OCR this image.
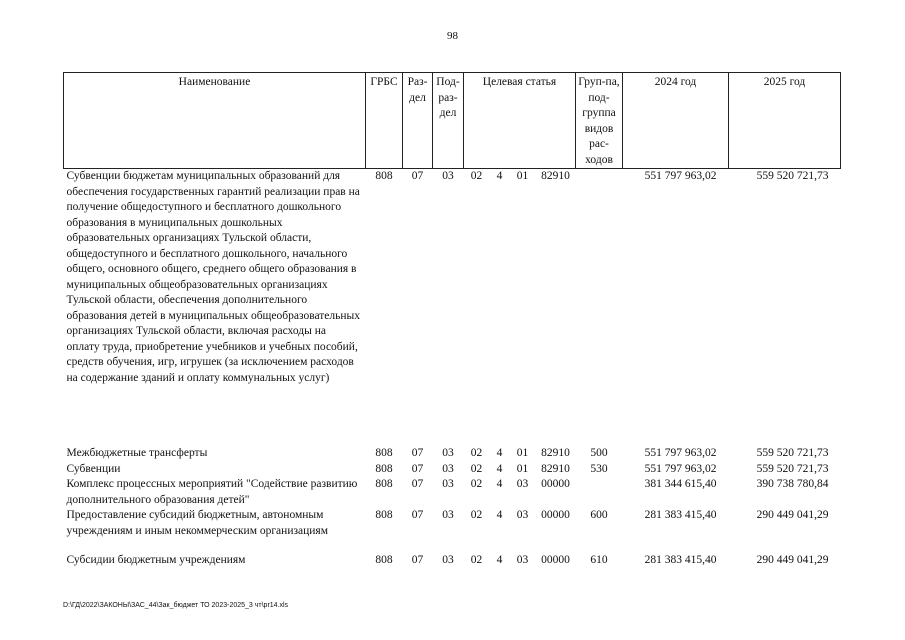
98
Наименование	ГРБС	Раз-дел	Под-раз-дел	Целевая статья				Груп-па, под-группа видов рас-ходов	2024 год	2025 год
Субвенции бюджетам муниципальных образований для обеспечения государственных гарантий реализации прав на получение общедоступного и бесплатного дошкольного образования в муниципальных дошкольных образовательных организациях Тульской области, общедоступного и бесплатного дошкольного, начального общего, основного общего, среднего общего образования в муниципальных общеобразовательных организациях Тульской области, обеспечения дополнительного образования детей в муниципальных общеобразовательных организациях Тульской области, включая расходы на оплату труда, приобретение учебников и учебных пособий, средств обучения, игр, игрушек (за исключением расходов на содержание зданий и оплату коммунальных услуг)	808	07	03	02	4	01	82910		551 797 963,02	559 520 721,73

Межбюджетные трансферты	808	07	03	02	4	01	82910	500	551 797 963,02	559 520 721,73
Субвенции	808	07	03	02	4	01	82910	530	551 797 963,02	559 520 721,73
Комплекс процессных мероприятий "Содействие развитию дополнительного образования детей"	808	07	03	02	4	03	00000		381 344 615,40	390 738 780,84
Предоставление субсидий бюджетным, автономным учреждениям и иным некоммерческим организациям	808	07	03	02	4	03	00000	600	281 383 415,40	290 449 041,29

Субсидии бюджетным учреждениям	808	07	03	02	4	03	00000	610	281 383 415,40	290 449 041,29
D:\ГД\2022\ЗАКОНЫ\ЗАС_44\Зак_бюджет ТО 2023-2025_3 чт\pr14.xls
